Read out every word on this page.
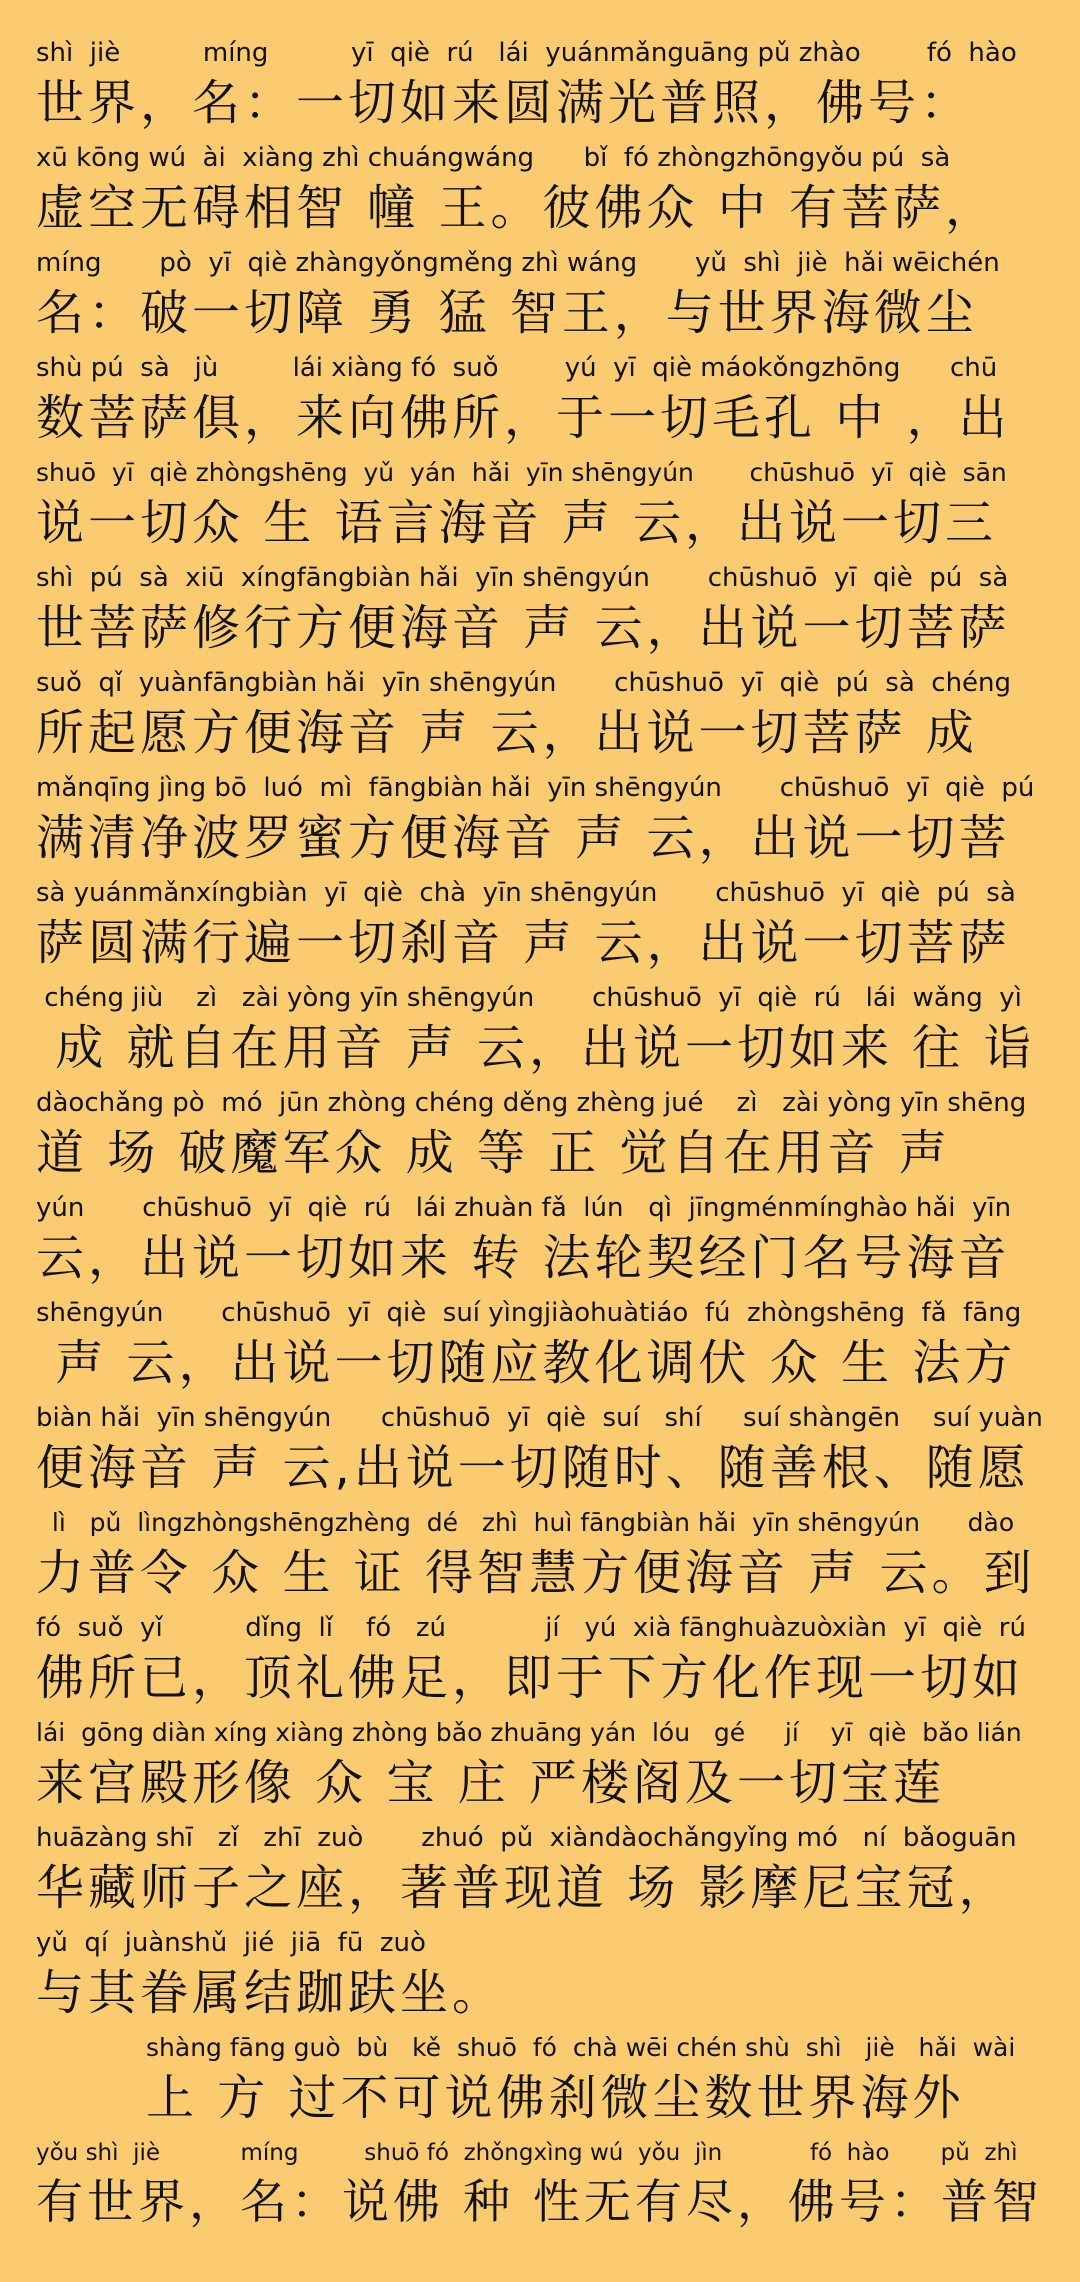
shì  jiè          míng          yī  qiè  rú   lái  yuánmǎnguāng pǔ zhào        fó  hào
世界，名：一切如来圆满光普照，佛号：
xū kōng wú  ài  xiàng zhì chuángwáng      bǐ  fó zhòngzhōngyǒu pú  sà
虚空无碍相智 幢 王。彼佛众 中 有菩萨，
míng       pò  yī  qiè zhàngyǒngměng zhì wáng       yǔ  shì  jiè  hǎi wēichén
名：破一切障 勇 猛 智王，与世界海微尘
shù pú  sà   jù         lái xiàng fó  suǒ        yú  yī  qiè máokǒngzhōng      chū
数菩萨俱，来向佛所，于一切毛孔 中 ，出
shuō  yī  qiè zhòngshēng  yǔ  yán  hǎi  yīn shēngyún       chūshuō  yī  qiè  sān
说一切众 生 语言海音 声 云，出说一切三
shì  pú  sà  xiū  xíngfāngbiàn hǎi  yīn shēngyún       chūshuō  yī  qiè  pú  sà
世菩萨修行方便海音 声 云，出说一切菩萨
suǒ  qǐ  yuànfāngbiàn hǎi  yīn shēngyún       chūshuō  yī  qiè  pú  sà  chéng
所起愿方便海音 声 云，出说一切菩萨 成
mǎnqīng jìng bō  luó  mì  fāngbiàn hǎi  yīn shēngyún       chūshuō  yī  qiè  pú
满清净波罗蜜方便海音 声 云，出说一切菩
sà yuánmǎnxíngbiàn  yī  qiè  chà  yīn shēngyún       chūshuō  yī  qiè  pú  sà
萨圆满行遍一切刹音 声 云，出说一切菩萨
chéng jiù    zì   zài yòng yīn shēngyún       chūshuō  yī  qiè  rú   lái  wǎng  yì
成 就自在用音 声 云，出说一切如来 往 诣
dàochǎng pò  mó  jūn zhòng chéng děng zhèng jué    zì   zài yòng yīn shēng
道 场 破魔军众 成 等 正 觉自在用音 声
yún       chūshuō  yī  qiè  rú   lái zhuàn fǎ  lún   qì  jīngménmínghào hǎi  yīn
云，出说一切如来 转 法轮契经门名号海音
shēngyún       chūshuō  yī  qiè  suí yìngjiàohuàtiáo  fú  zhòngshēng  fǎ  fāng
声 云，出说一切随应教化调伏 众 生 法方
biàn hǎi  yīn shēngyún      chūshuō  yī  qiè  suí   shí     suí shàngēn    suí yuàn
便海音 声 云,出说一切随时、随善根、随愿
lì   pǔ  lìngzhòngshēngzhèng  dé   zhì  huì fāngbiàn hǎi  yīn shēngyún      dào
力普令 众 生 证 得智慧方便海音 声 云。到
fó  suǒ  yǐ          dǐng  lǐ    fó   zú            jí   yú  xià fānghuàzuòxiàn  yī  qiè  rú
佛所已，顶礼佛足，即于下方化作现一切如
lái  gōng diàn xíng xiàng zhòng bǎo zhuāng yán  lóu   gé     jí    yī  qiè  bǎo lián
来宫殿形像 众 宝 庄 严楼阁及一切宝莲
huāzàng shī   zǐ   zhī  zuò       zhuó  pǔ  xiàndàochǎngyǐng mó   ní  bǎoguān
华藏师子之座，著普现道 场 影摩尼宝冠，
yǔ  qí  juànshǔ  jié  jiā  fū  zuò
与其眷属结跏趺坐。
shàng fāng guò  bù   kě  shuō  fó  chà wēi chén shù  shì   jiè   hǎi  wài
上 方 过不可说佛刹微尘数世界海外
yǒu shì  jiè           míng         shuō fó  zhǒngxìng wú  yǒu  jìn            fó  hào       pǔ  zhì
有世界，名：说佛 种 性无有尽，佛号：普智
